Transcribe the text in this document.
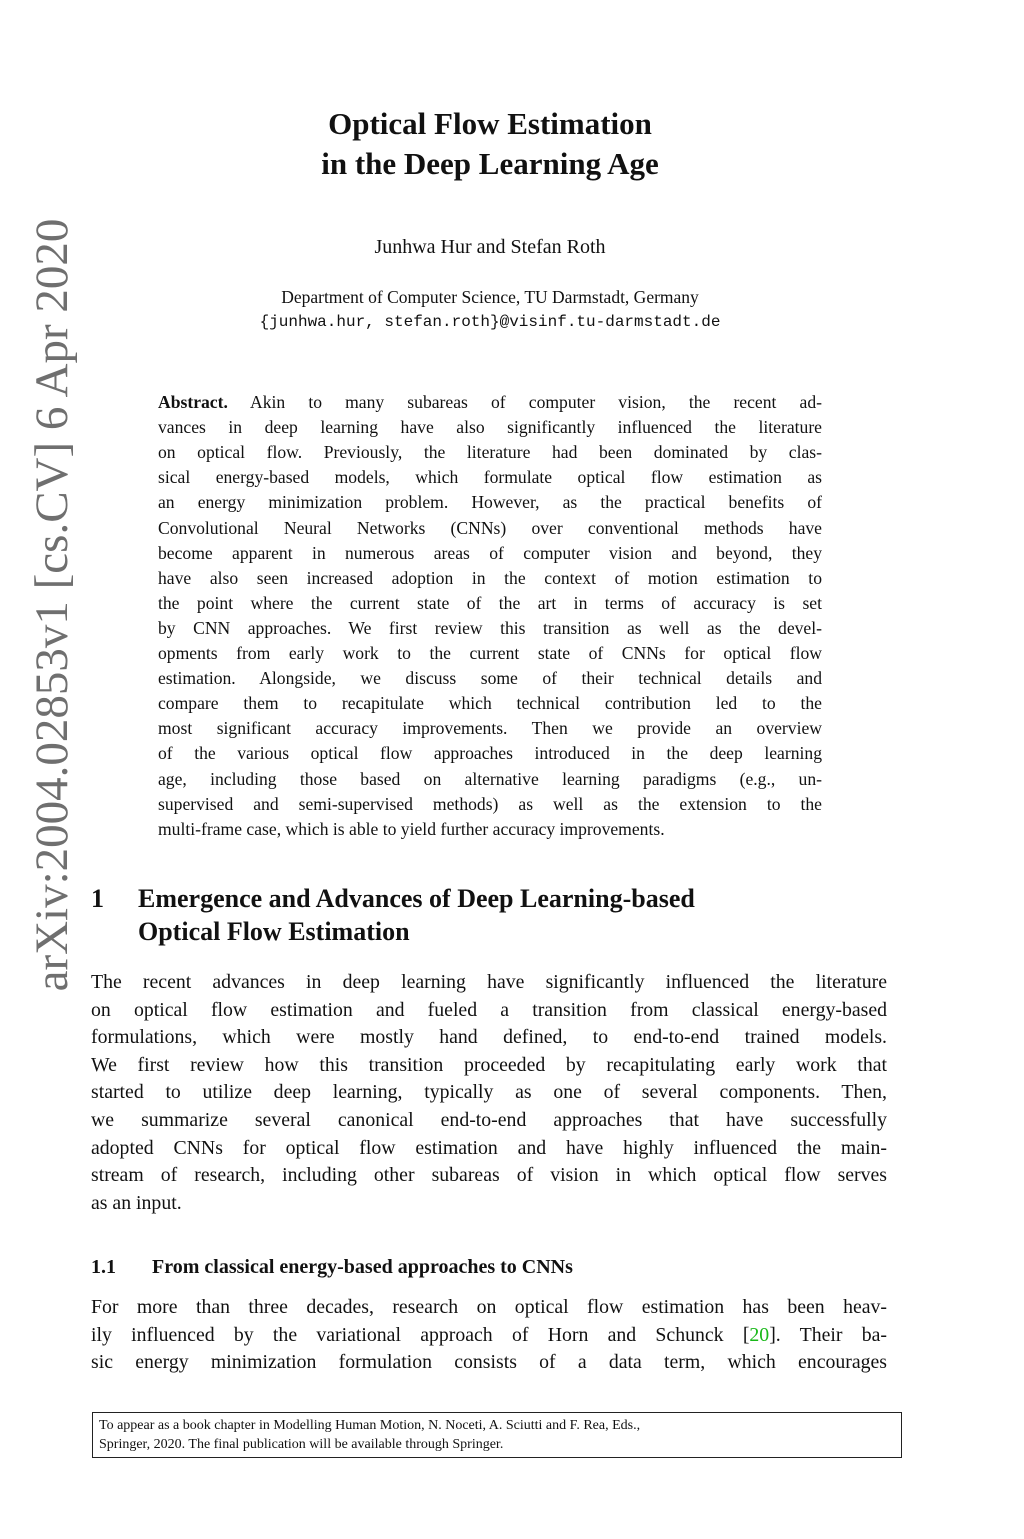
arXiv:2004.02853v1 [cs.CV] 6 Apr 2020
Optical Flow Estimation
in the Deep Learning Age
Junhwa Hur and Stefan Roth
Department of Computer Science, TU Darmstadt, Germany
{junhwa.hur, stefan.roth}@visinf.tu-darmstadt.de
Abstract. Akin to many subareas of computer vision, the recent ad-
vances in deep learning have also significantly influenced the literature
on optical flow. Previously, the literature had been dominated by clas-
sical energy-based models, which formulate optical flow estimation as
an energy minimization problem. However, as the practical benefits of
Convolutional Neural Networks (CNNs) over conventional methods have
become apparent in numerous areas of computer vision and beyond, they
have also seen increased adoption in the context of motion estimation to
the point where the current state of the art in terms of accuracy is set
by CNN approaches. We first review this transition as well as the devel-
opments from early work to the current state of CNNs for optical flow
estimation. Alongside, we discuss some of their technical details and
compare them to recapitulate which technical contribution led to the
most significant accuracy improvements. Then we provide an overview
of the various optical flow approaches introduced in the deep learning
age, including those based on alternative learning paradigms (e.g., un-
supervised and semi-supervised methods) as well as the extension to the
multi-frame case, which is able to yield further accuracy improvements.
1 Emergence and Advances of Deep Learning-based
Optical Flow Estimation
The recent advances in deep learning have significantly influenced the literature
on optical flow estimation and fueled a transition from classical energy-based
formulations, which were mostly hand defined, to end-to-end trained models.
We first review how this transition proceeded by recapitulating early work that
started to utilize deep learning, typically as one of several components. Then,
we summarize several canonical end-to-end approaches that have successfully
adopted CNNs for optical flow estimation and have highly influenced the main-
stream of research, including other subareas of vision in which optical flow serves
as an input.
1.1 From classical energy-based approaches to CNNs
For more than three decades, research on optical flow estimation has been heav-
ily influenced by the variational approach of Horn and Schunck [20]. Their ba-
sic energy minimization formulation consists of a data term, which encourages
To appear as a book chapter in Modelling Human Motion, N. Noceti, A. Sciutti and F. Rea, Eds.,
Springer, 2020. The final publication will be available through Springer.
